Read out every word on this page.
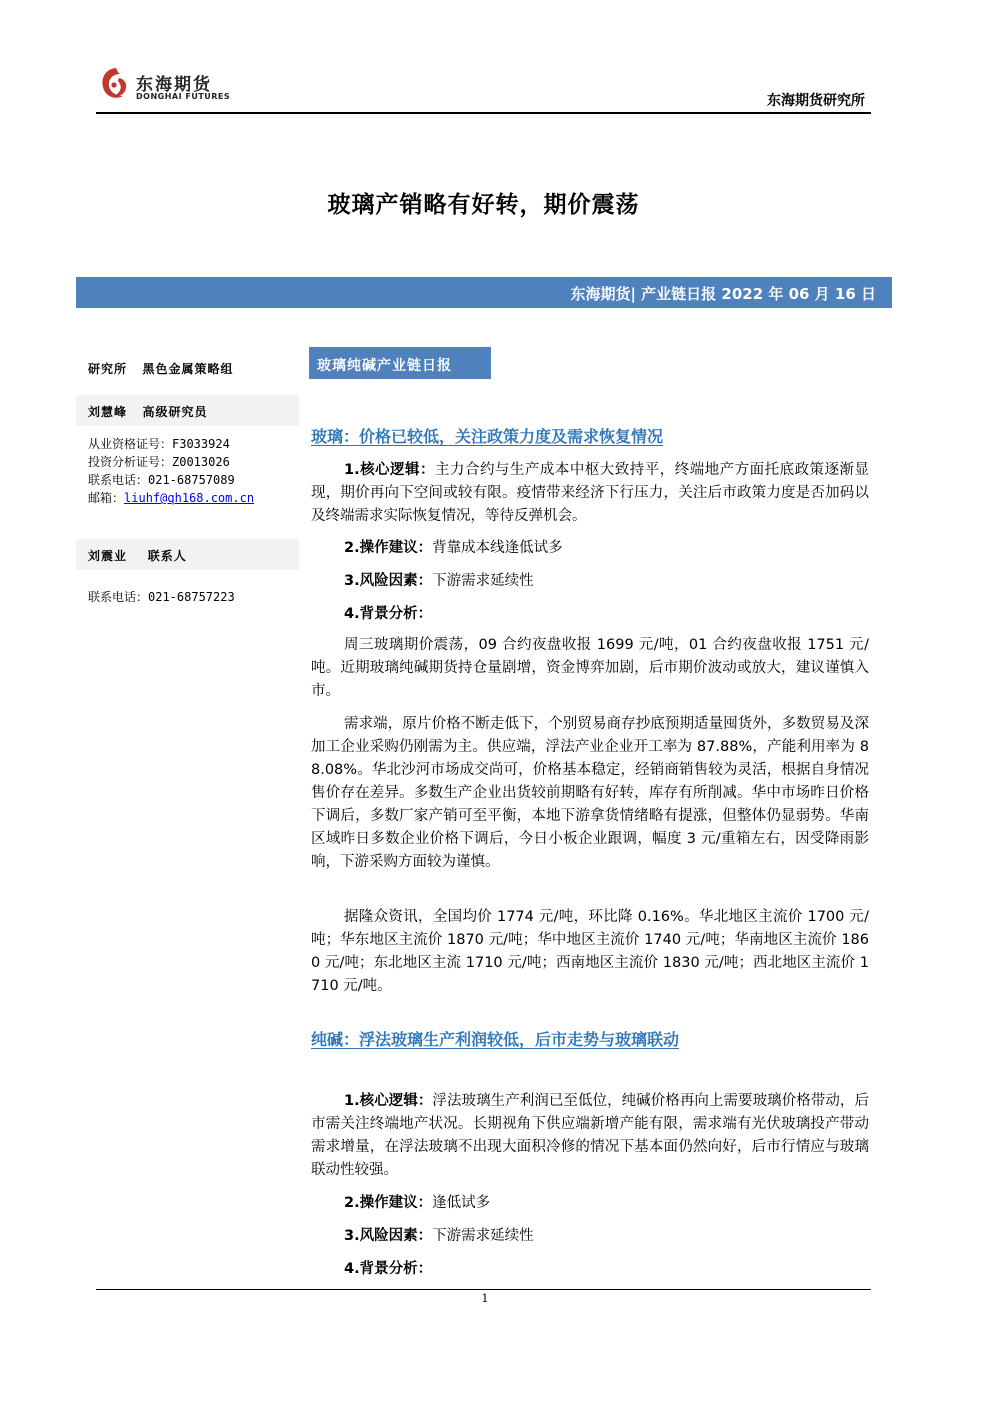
东海期货
DONGHAI FUTURES	东海期货研究所
玻璃产销略有好转，期价震荡
东海期货| 产业链日报 2022 年 06 月 16 日
研究所   黑色金属策略组
刘慧峰   高级研究员
从业资格证号：F3033924
投资分析证号：Z0013026
联系电话：021-68757089
邮箱：liuhf@qh168.com.cn
刘震业    联系人
联系电话：021-68757223
玻璃纯碱产业链日报
玻璃：价格已较低，关注政策力度及需求恢复情况
1.核心逻辑：主力合约与生产成本中枢大致持平，终端地产方面托底政策逐渐显现，期价再向下空间或较有限。疫情带来经济下行压力，关注后市政策力度是否加码以及终端需求实际恢复情况，等待反弹机会。
2.操作建议：背靠成本线逢低试多
3.风险因素：下游需求延续性
4.背景分析：
周三玻璃期价震荡，09 合约夜盘收报 1699 元/吨，01 合约夜盘收报 1751 元/吨。近期玻璃纯碱期货持仓量剧增，资金博弈加剧，后市期价波动或放大，建议谨慎入市。
需求端，原片价格不断走低下，个别贸易商存抄底预期适量囤货外，多数贸易及深加工企业采购仍刚需为主。供应端，浮法产业企业开工率为 87.88%，产能利用率为 88.08%。华北沙河市场成交尚可，价格基本稳定，经销商销售较为灵活，根据自身情况售价存在差异。多数生产企业出货较前期略有好转，库存有所削减。华中市场昨日价格下调后，多数厂家产销可至平衡，本地下游拿货情绪略有提涨，但整体仍显弱势。华南区域昨日多数企业价格下调后，今日小板企业跟调，幅度 3 元/重箱左右，因受降雨影响，下游采购方面较为谨慎。
据隆众资讯，全国均价 1774 元/吨，环比降 0.16%。华北地区主流价 1700 元/吨；华东地区主流价 1870 元/吨；华中地区主流价 1740 元/吨；华南地区主流价 1860 元/吨；东北地区主流 1710 元/吨；西南地区主流价 1830 元/吨；西北地区主流价 1710 元/吨。
纯碱：浮法玻璃生产利润较低，后市走势与玻璃联动
1.核心逻辑：浮法玻璃生产利润已至低位，纯碱价格再向上需要玻璃价格带动，后市需关注终端地产状况。长期视角下供应端新增产能有限，需求端有光伏玻璃投产带动需求增量，在浮法玻璃不出现大面积冷修的情况下基本面仍然向好，后市行情应与玻璃联动性较强。
2.操作建议：逢低试多
3.风险因素：下游需求延续性
4.背景分析：
1
